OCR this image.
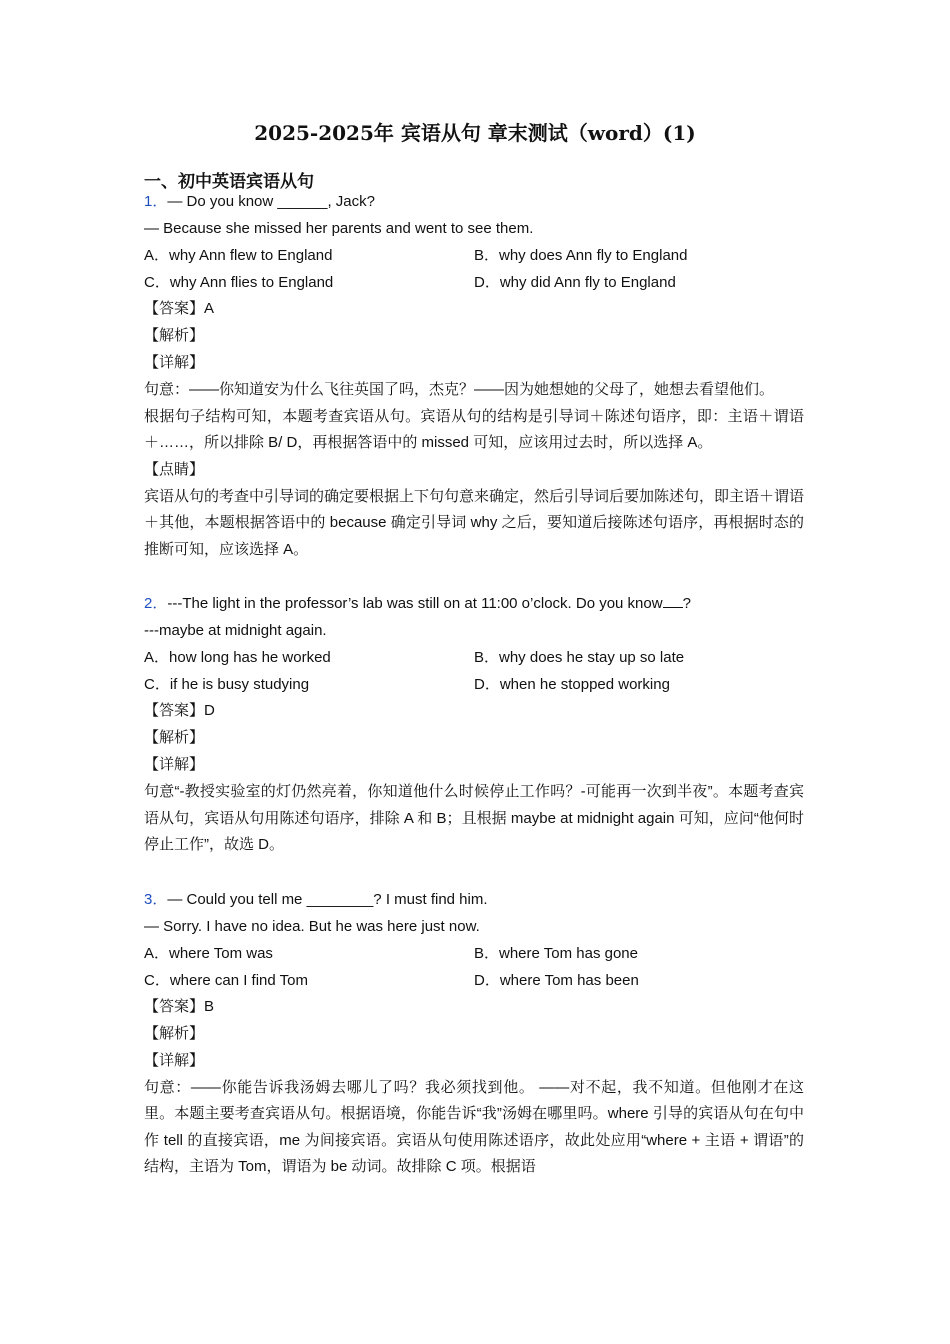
2025-2025年 宾语从句 章末测试（word）(1)
一、初中英语宾语从句
1．— Do you know ______, Jack?
— Because she missed her parents and went to see them.
A．why Ann flew to England	B．why does Ann fly to England
C．why Ann flies to England	D．why did Ann fly to England
【答案】A
【解析】
【详解】
句意：——你知道安为什么飞往英国了吗，杰克？——因为她想她的父母了，她想去看望他们。
根据句子结构可知，本题考查宾语从句。宾语从句的结构是引导词＋陈述句语序，即：主语＋谓语＋……，所以排除 B/ D，再根据答语中的 missed 可知，应该用过去时，所以选择 A。
【点睛】
宾语从句的考查中引导词的确定要根据上下句句意来确定，然后引导词后要加陈述句，即主语＋谓语＋其他，本题根据答语中的 because 确定引导词 why 之后，要知道后接陈述句语序，再根据时态的推断可知，应该选择 A。
2．---The light in the professor’s lab was still on at 11:00 o’clock. Do you know ?
---maybe at midnight again.
A．how long has he worked	B．why does he stay up so late
C．if he is busy studying	D．when he stopped working
【答案】D
【解析】
【详解】
句意“-教授实验室的灯仍然亮着，你知道他什么时候停止工作吗？-可能再一次到半夜”。本题考查宾语从句，宾语从句用陈述句语序，排除 A 和 B；且根据 maybe at midnight again 可知，应问“他何时停止工作”，故选 D。
3．— Could you tell me ________? I must find him.
— Sorry. I have no idea. But he was here just now.
A．where Tom was	B．where Tom has gone
C．where can I find Tom	D．where Tom has been
【答案】B
【解析】
【详解】
句意：——你能告诉我汤姆去哪儿了吗？我必须找到他。 ——对不起，我不知道。但他刚才在这里。本题主要考查宾语从句。根据语境，你能告诉“我”汤姆在哪里吗。where 引导的宾语从句在句中作 tell 的直接宾语，me 为间接宾语。宾语从句使用陈述语序，故此处应用“where + 主语 + 谓语”的结构，主语为 Tom，谓语为 be 动词。故排除 C 项。根据语
